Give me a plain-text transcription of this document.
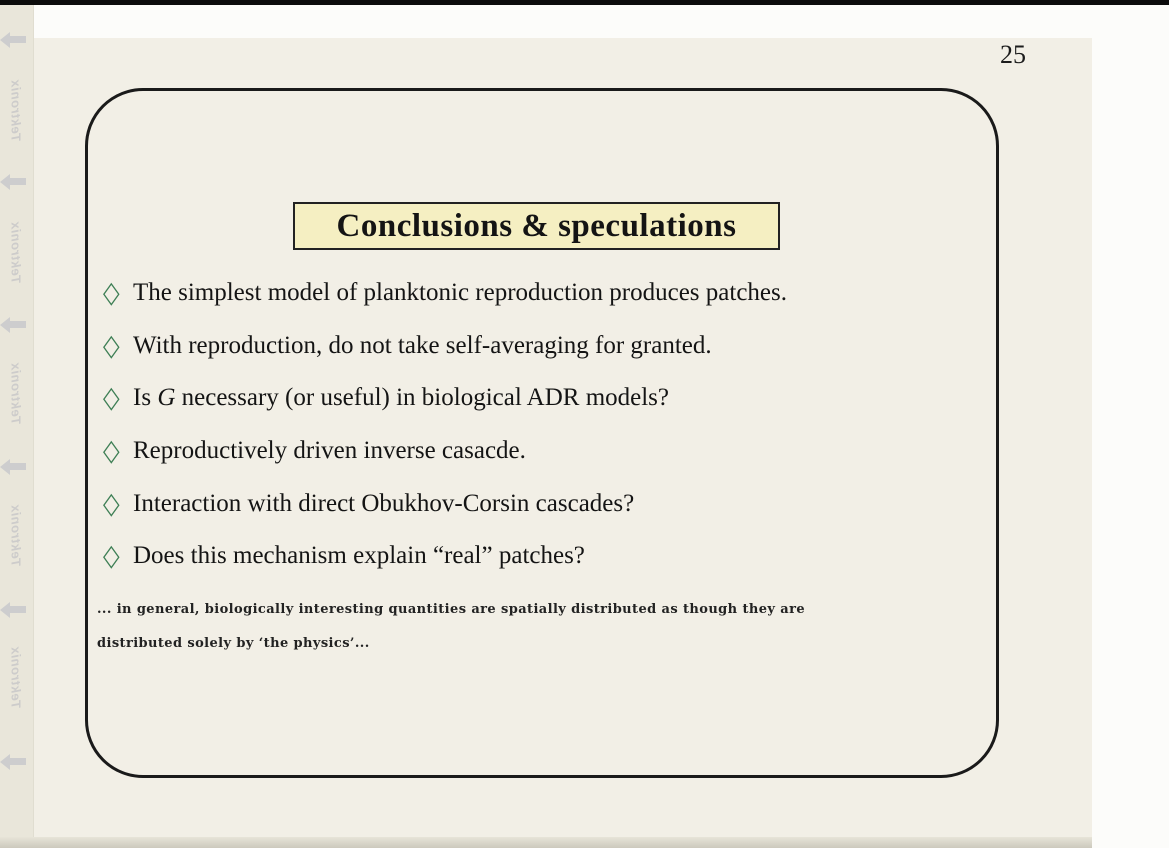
Tektronix
Tektronix
Tektronix
Tektronix
Tektronix
25
Conclusions & speculations
◇ The simplest model of planktonic reproduction produces patches.
◇ With reproduction, do not take self-averaging for granted.
◇ Is G necessary (or useful) in biological ADR models?
◇ Reproductively driven inverse casacde.
◇ Interaction with direct Obukhov-Corsin cascades?
◇ Does this mechanism explain “real” patches?
... in general, biologically interesting quantities are spatially distributed as though they are
distributed solely by ‘the physics’...
